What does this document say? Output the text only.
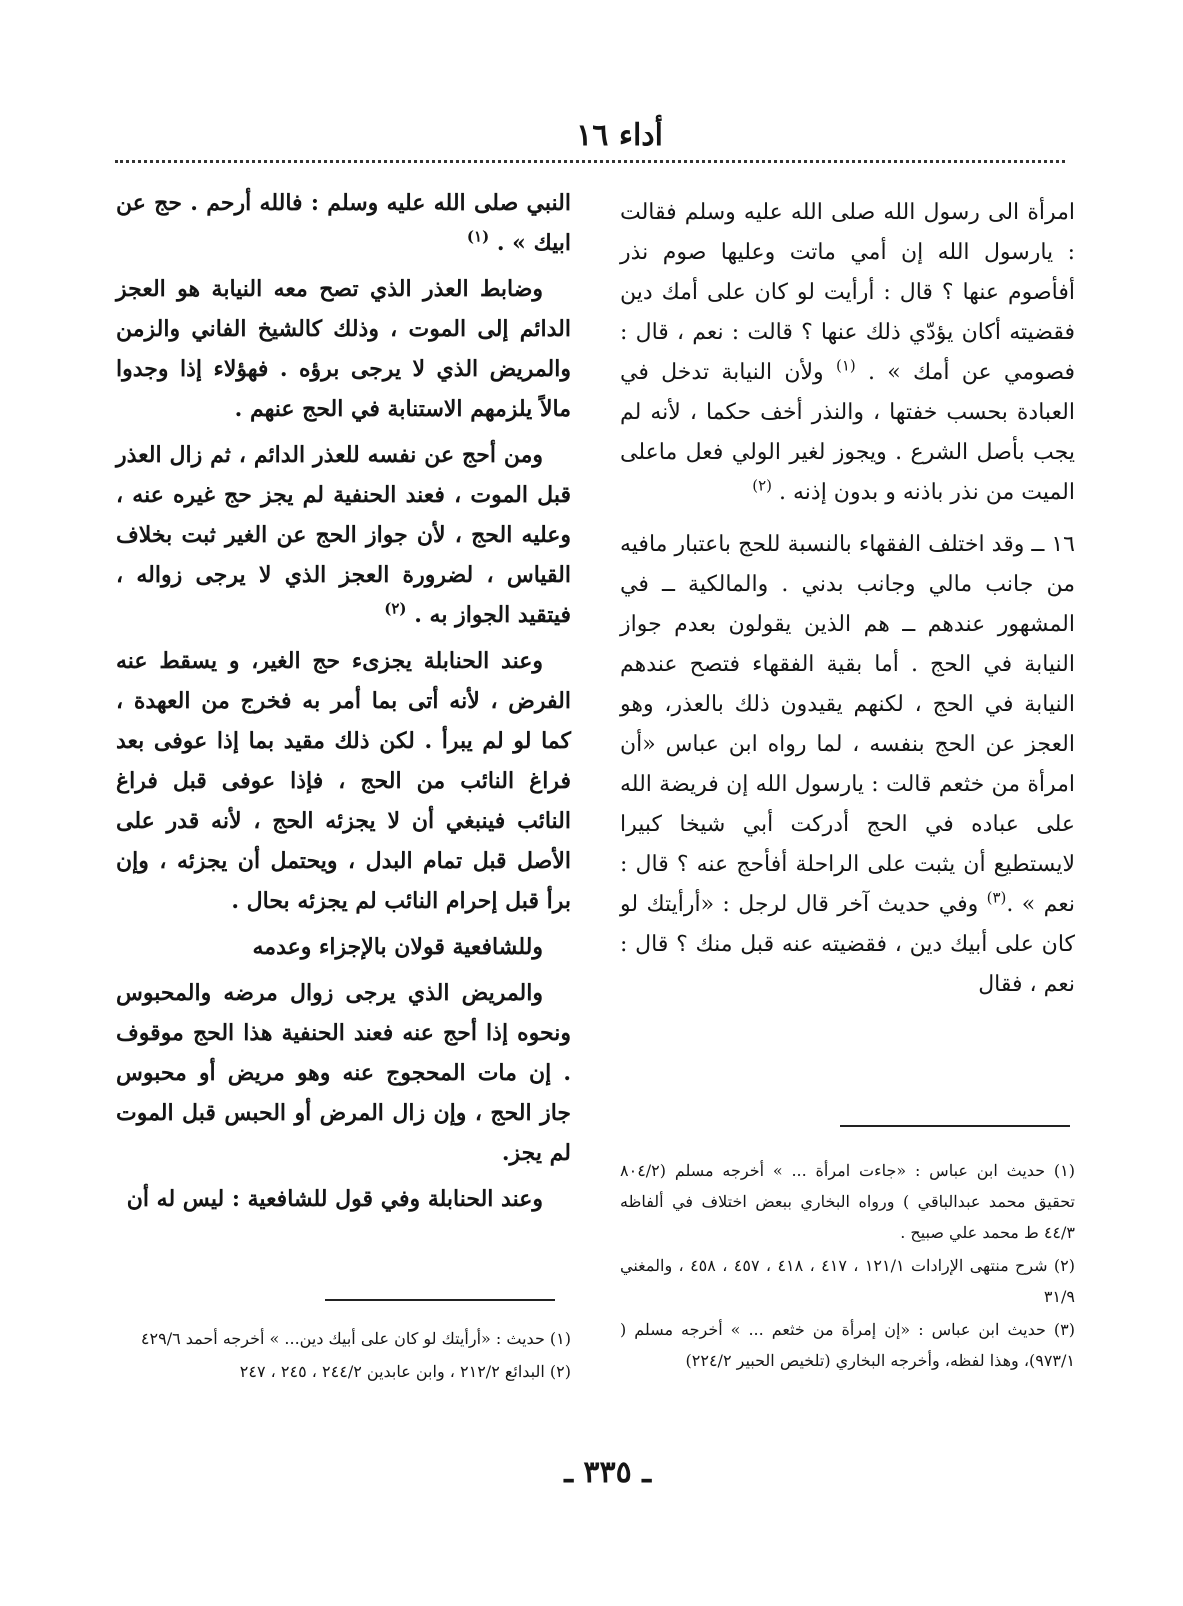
أداء ١٦

امرأة الى رسول الله صلى الله عليه وسلم فقالت : يارسول الله إن أمي ماتت وعليها صوم نذر أفأصوم عنها ؟ قال : أرأيت لو كان على أمك دين فقضيته أكان يؤدّي ذلك عنها ؟ قالت : نعم ، قال : فصومي عن أمك » . $^{(١)}$ ولأن النيابة تدخل في العبادة بحسب خفتها ، والنذر أخف حكما ، لأنه لم يجب بأصل الشرع . ويجوز لغير الولي فعل ماعلى الميت من نذر باذنه و بدون إذنه . $^{(٢)}$

١٦ ــ وقد اختلف الفقهاء بالنسبة للحج باعتبار مافيه من جانب مالي وجانب بدني . والمالكية ــ في المشهور عندهم ــ هم الذين يقولون بعدم جواز النيابة في الحج . أما بقية الفقهاء فتصح عندهم النيابة في الحج ، لكنهم يقيدون ذلك بالعذر، وهو العجز عن الحج بنفسه ، لما رواه ابن عباس «أن امرأة من خثعم قالت : يارسول الله إن فريضة الله على عباده في الحج أدركت أبي شيخا كبيرا لايستطيع أن يثبت على الراحلة أفأحج عنه ؟ قال : نعم » .$^{(٣)}$ وفي حديث آخر قال لرجل : «أرأيتك لو كان على أبيك دين ، فقضيته عنه قبل منك ؟ قال : نعم ، فقال

النبي صلى الله عليه وسلم : فالله أرحم . حج عن ابيك » . $^{(١)}$

وضابط العذر الذي تصح معه النيابة هو العجز الدائم إلى الموت ، وذلك كالشيخ الفاني والزمن والمريض الذي لا يرجى برؤه . فهؤلاء إذا وجدوا مالاً يلزمهم الاستنابة في الحج عنهم .

ومن أحج عن نفسه للعذر الدائم ، ثم زال العذر قبل الموت ، فعند الحنفية لم يجز حج غيره عنه ، وعليه الحج ، لأن جواز الحج عن الغير ثبت بخلاف القياس ، لضرورة العجز الذي لا يرجى زواله ، فيتقيد الجواز به . $^{(٢)}$

وعند الحنابلة يجزىء حج الغير، و يسقط عنه الفرض ، لأنه أتى بما أمر به فخرج من العهدة ، كما لو لم يبرأ . لكن ذلك مقيد بما إذا عوفى بعد فراغ النائب من الحج ، فإذا عوفى قبل فراغ النائب فينبغي أن لا يجزئه الحج ، لأنه قدر على الأصل قبل تمام البدل ، ويحتمل أن يجزئه ، وإن برأ قبل إحرام النائب لم يجزئه بحال .

وللشافعية قولان بالإجزاء وعدمه

والمريض الذي يرجى زوال مرضه والمحبوس ونحوه إذا أحج عنه فعند الحنفية هذا الحج موقوف . إن مات المحجوج عنه وهو مريض أو محبوس جاز الحج ، وإن زال المرض أو الحبس قبل الموت لم يجز.

وعند الحنابلة وفي قول للشافعية : ليس له أن

(١) حديث ابن عباس : «جاءت امرأة ... » أخرجه مسلم (٨٠٤/٢ تحقيق محمد عبدالباقي ) ورواه البخاري ببعض اختلاف في ألفاظه ٤٤/٣ ط محمد علي صبيح .

(٢) شرح منتهى الإرادات ١٢١/١ ، ٤١٧ ، ٤١٨ ، ٤٥٧ ، ٤٥٨ ، والمغني ٣١/٩

(٣) حديث ابن عباس : «إن إمرأة من خثعم ... » أخرجه مسلم ( ٩٧٣/١)، وهذا لفظه، وأخرجه البخاري (تلخيص الحبير ٢٢٤/٢)

(١) حديث : «أرأيتك لو كان على أبيك دين... » أخرجه أحمد ٤٢٩/٦

(٢) البدائع ٢١٢/٢ ، وابن عابدين ٢٤٤/٢ ، ٢٤٥ ، ٢٤٧

ـ ٣٣٥ ـ
